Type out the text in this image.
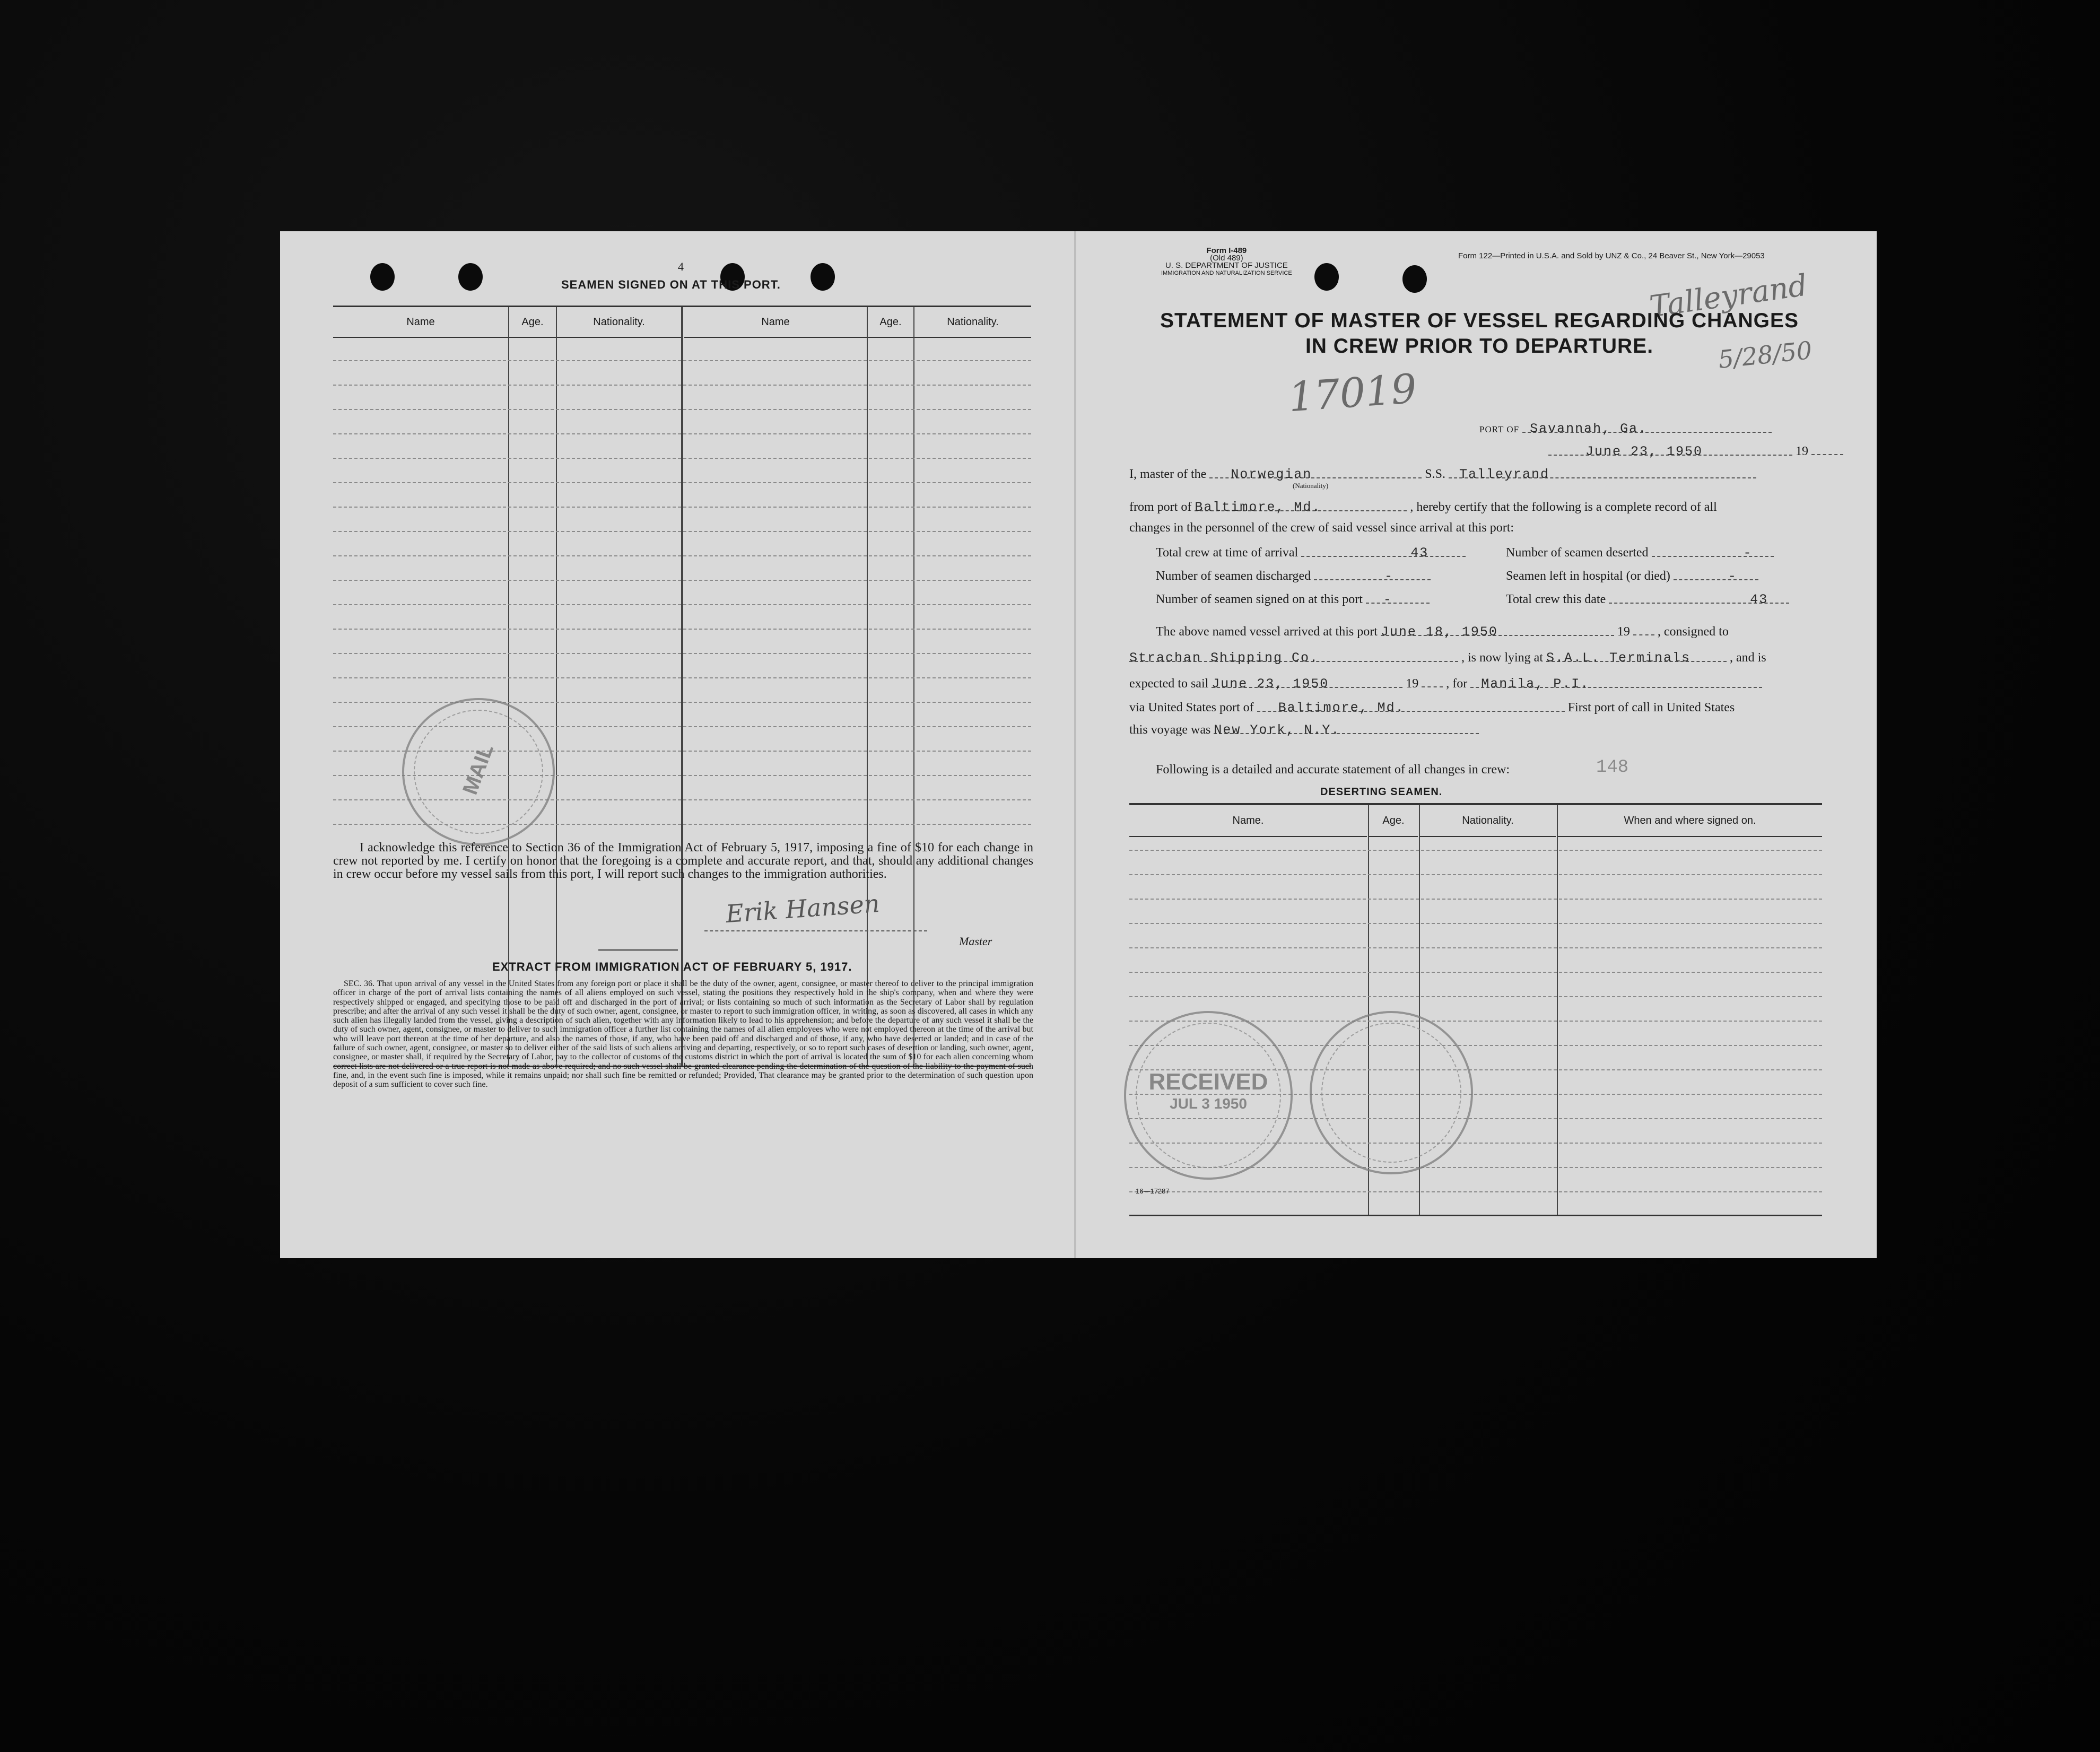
4
SEAMEN SIGNED ON AT THIS PORT.
Name	Age.	Nationality.	Name	Age.	Nationality.
MAIL
I acknowledge this reference to Section 36 of the Immigration Act of February 5, 1917, imposing a fine of $10 for each change in crew not reported by me. I certify on honor that the foregoing is a complete and accurate report, and that, should any additional changes in crew occur before my vessel sails from this port, I will report such changes to the immigration authorities.
Erik Hansen
Master
EXTRACT FROM IMMIGRATION ACT OF FEBRUARY 5, 1917.
SEC. 36. That upon arrival of any vessel in the United States from any foreign port or place it shall be the duty of the owner, agent, consignee, or master thereof to deliver to the principal immigration officer in charge of the port of arrival lists containing the names of all aliens employed on such vessel, stating the positions they respectively hold in the ship's company, when and where they were respectively shipped or engaged, and specifying those to be paid off and discharged in the port of arrival; or lists containing so much of such information as the Secretary of Labor shall by regulation prescribe; and after the arrival of any such vessel it shall be the duty of such owner, agent, consignee, or master to report to such immigration officer, in writing, as soon as discovered, all cases in which any such alien has illegally landed from the vessel, giving a description of such alien, together with any information likely to lead to his apprehension; and before the departure of any such vessel it shall be the duty of such owner, agent, consignee, or master to deliver to such immigration officer a further list containing the names of all alien employees who were not employed thereon at the time of the arrival but who will leave port thereon at the time of her departure, and also the names of those, if any, who have been paid off and discharged and of those, if any, who have deserted or landed; and in case of the failure of such owner, agent, consignee, or master so to deliver either of the said lists of such aliens arriving and departing, respectively, or so to report such cases of desertion or landing, such owner, agent, consignee, or master shall, if required by the Secretary of Labor, pay to the collector of customs of the customs district in which the port of arrival is located the sum of $10 for each alien concerning whom correct lists are not delivered or a true report is not made as above required; and no such vessel shall be granted clearance pending the determination of the question of the liability to the payment of such fine, and, in the event such fine is imposed, while it remains unpaid; nor shall such fine be remitted or refunded; Provided, That clearance may be granted prior to the determination of such question upon deposit of a sum sufficient to cover such fine.
Form I-489
(Old 489)
U. S. DEPARTMENT OF JUSTICE
IMMIGRATION AND NATURALIZATION SERVICE
Form 122—Printed in U.S.A. and Sold by UNZ & Co., 24 Beaver St., New York—29053
Talleyrand
5/28/50
17019
STATEMENT OF MASTER OF VESSEL REGARDING CHANGES
IN CREW PRIOR TO DEPARTURE.
PORT OF Savannah, Ga.
June 23, 1950	19
I, master of the Norwegian	S.S. Talleyrand
(Nationality)
from port of Baltimore, Md.	, hereby certify that the following is a complete record of all
changes in the personnel of the crew of said vessel since arrival at this port:
Total crew at time of arrival	43	Number of seamen deserted	-
Number of seamen discharged	-	Seamen left in hospital (or died)	-
Number of seamen signed on at this port -	Total crew this date	43
The above named vessel arrived at this port June 18, 1950	19 , consigned to
Strachan Shipping Co.	, is now lying at S.A.L. Terminals	, and is
expected to sail June 23, 1950	19 , for Manila, P.I.
via United States port of Baltimore, Md.	First port of call in United States
this voyage was New York, N.Y.
Following is a detailed and accurate statement of all changes in crew:	148
DESERTING SEAMEN.
Name.	Age.	Nationality.	When and where signed on.
RECEIVED
JUL 3 1950
16—17287
